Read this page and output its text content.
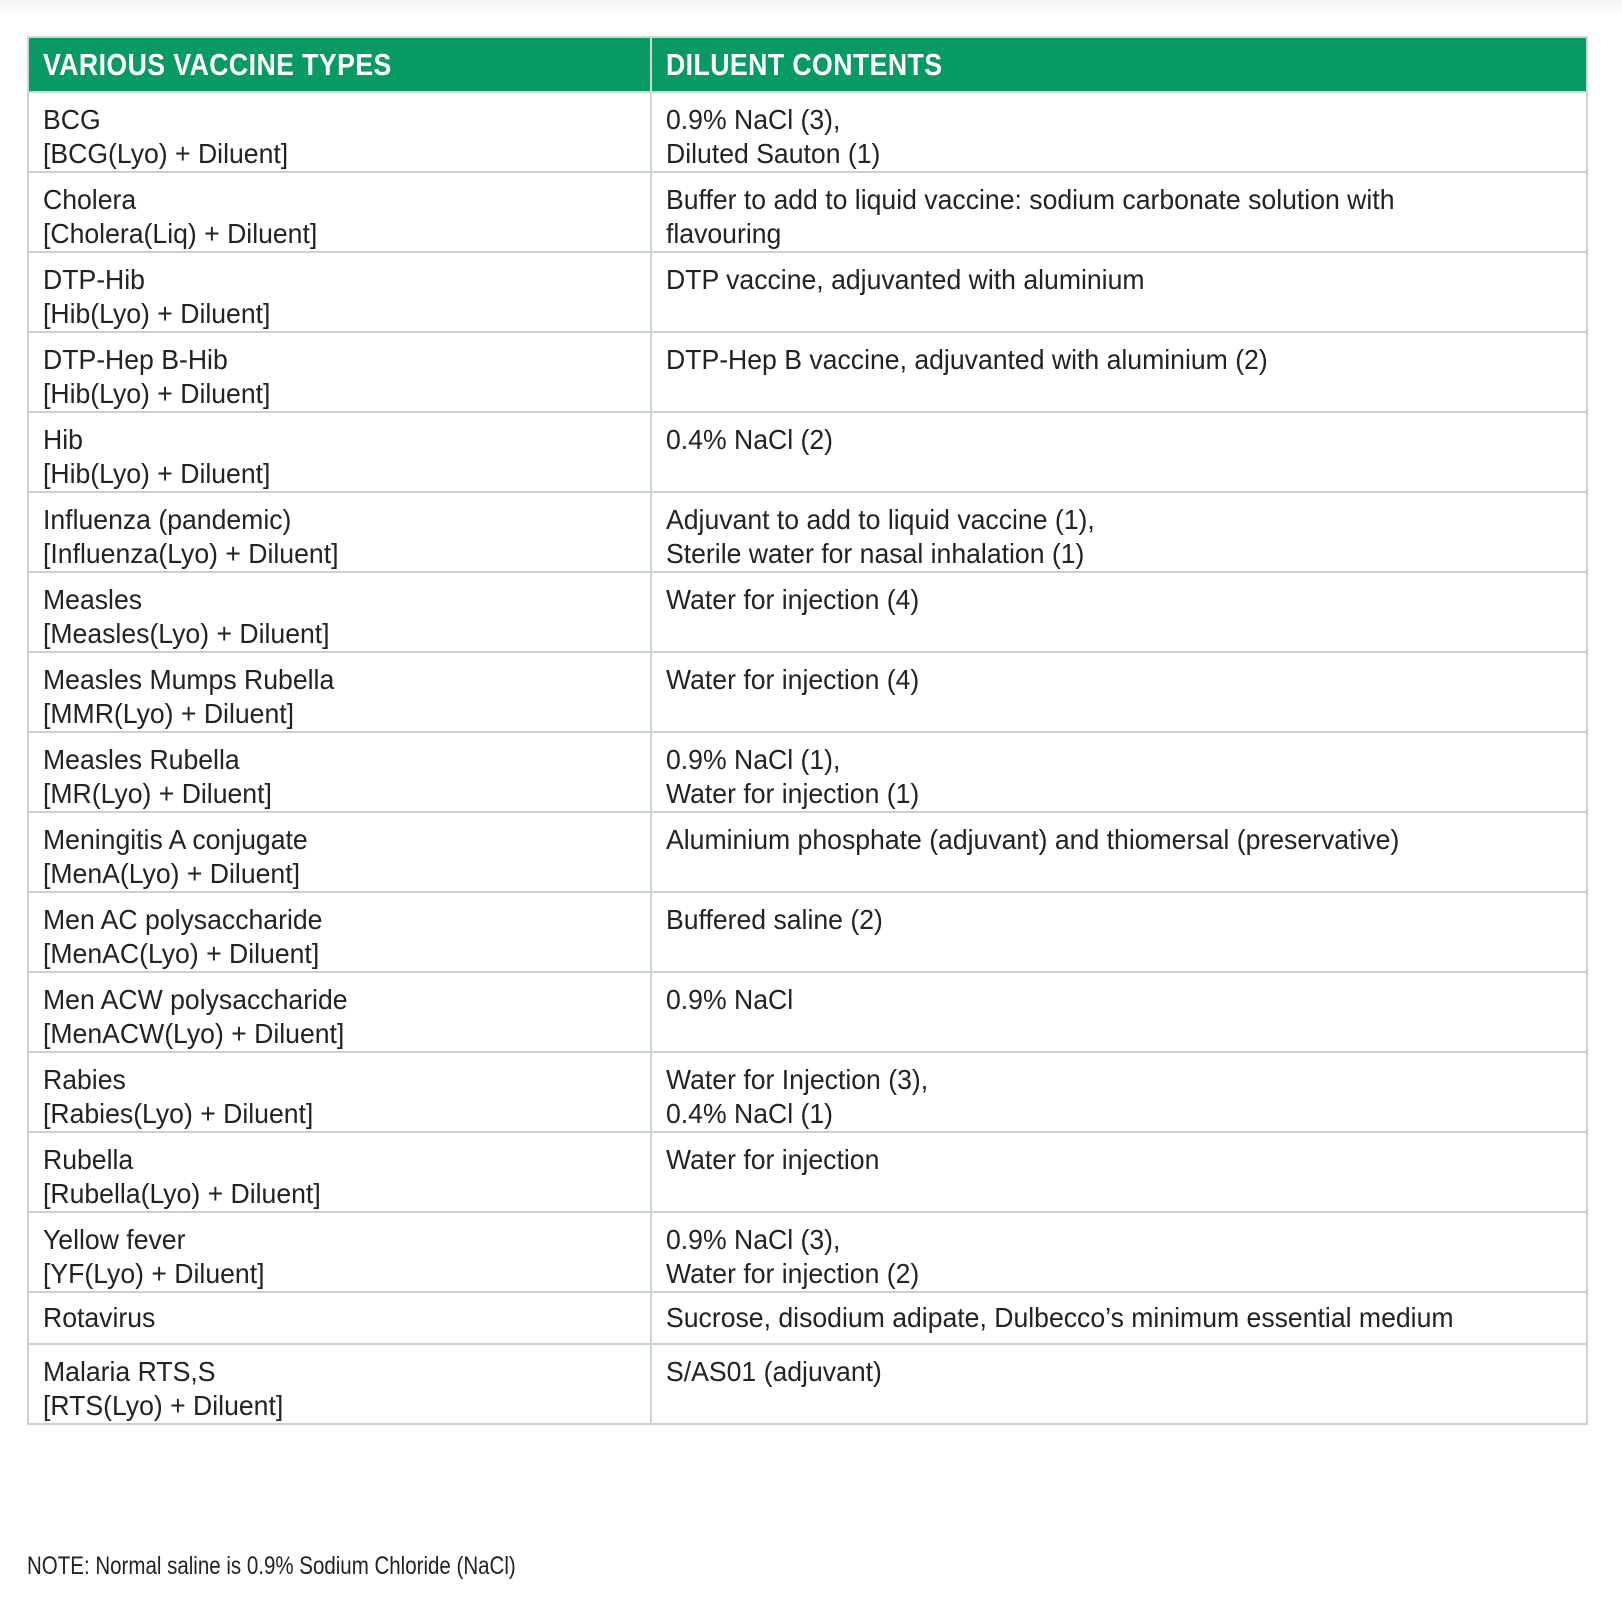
VARIOUS VACCINE TYPES	DILUENT CONTENTS

BCG
[BCG(Lyo) + Diluent]	0.9% NaCl (3),
Diluted Sauton (1)

Cholera
[Cholera(Liq) + Diluent]	Buffer to add to liquid vaccine: sodium carbonate solution with
flavouring

DTP-Hib
[Hib(Lyo) + Diluent]	DTP vaccine, adjuvanted with aluminium

DTP-Hep B-Hib
[Hib(Lyo) + Diluent]	DTP-Hep B vaccine, adjuvanted with aluminium (2)

Hib
[Hib(Lyo) + Diluent]	0.4% NaCl (2)

Influenza (pandemic)
[Influenza(Lyo) + Diluent]	Adjuvant to add to liquid vaccine (1),
Sterile water for nasal inhalation (1)

Measles
[Measles(Lyo) + Diluent]	Water for injection (4)

Measles Mumps Rubella
[MMR(Lyo) + Diluent]	Water for injection (4)

Measles Rubella
[MR(Lyo) + Diluent]	0.9% NaCl (1),
Water for injection (1)

Meningitis A conjugate
[MenA(Lyo) + Diluent]	Aluminium phosphate (adjuvant) and thiomersal (preservative)

Men AC polysaccharide
[MenAC(Lyo) + Diluent]	Buffered saline (2)

Men ACW polysaccharide
[MenACW(Lyo) + Diluent]	0.9% NaCl

Rabies
[Rabies(Lyo) + Diluent]	Water for Injection (3),
0.4% NaCl (1)

Rubella
[Rubella(Lyo) + Diluent]	Water for injection

Yellow fever
[YF(Lyo) + Diluent]	0.9% NaCl (3),
Water for injection (2)

Rotavirus	Sucrose, disodium adipate, Dulbecco’s minimum essential medium

Malaria RTS,S
[RTS(Lyo) + Diluent]	S/AS01 (adjuvant)
NOTE: Normal saline is 0.9% Sodium Chloride (NaCl)
